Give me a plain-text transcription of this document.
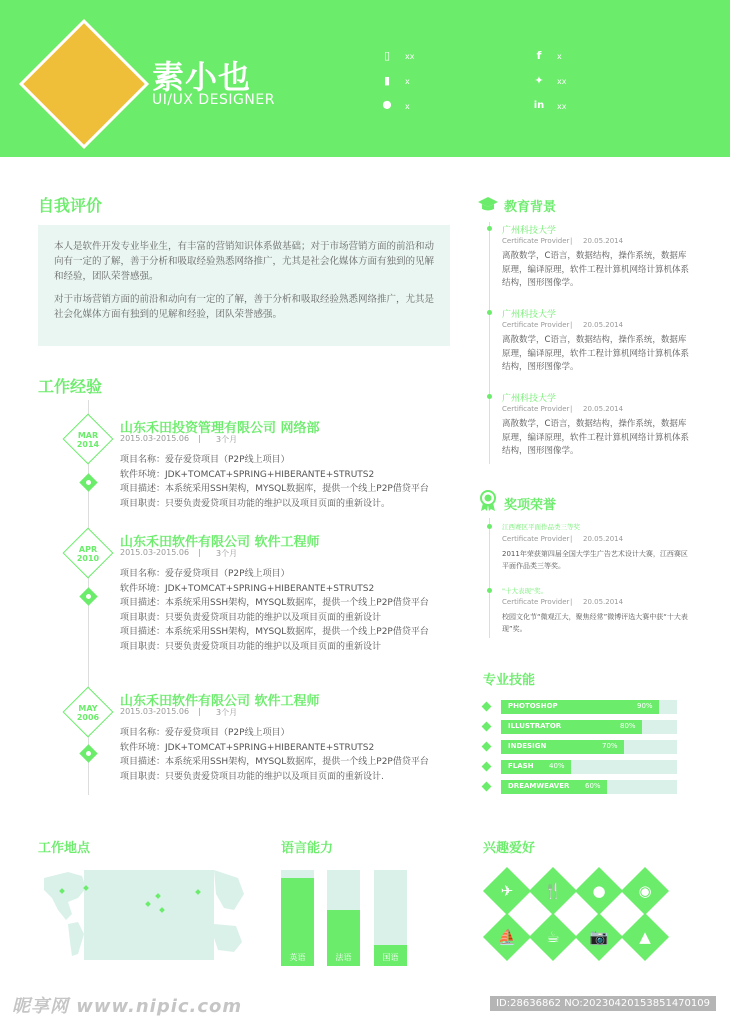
素小也
UI/UX DESIGNER
▯	xx
▮	x
⬤ x
f	x
✦ xx
in xx
自我评价

本人是软件开发专业毕业生，有丰富的营销知识体系做基础；对于市场营销方面的前沿和动向有一定的了解，善于分析和吸取经验熟悉网络推广，尤其是社会化媒体方面有独到的见解和经验，团队荣誉感强。

对于市场营销方面的前沿和动向有一定的了解，善于分析和吸取经验熟悉网络推广，尤其是社会化媒体方面有独到的见解和经验，团队荣誉感强。

工作经验
MAR
2014
山东禾田投资管理有限公司 网络部
2015.03-2015.06 | 3个月
项目名称：爱存爱贷项目（P2P线上项目）
软件环境：JDK+TOMCAT+SPRING+HIBERANTE+STRUTS2
项目描述：本系统采用SSH架构，MYSQL数据库，提供一个线上P2P借贷平台
项目职责：只要负责爱贷项目功能的维护以及项目页面的重新设计。
APR
2010
山东禾田软件有限公司 软件工程师
2015.03-2015.06 | 3个月
项目名称：爱存爱贷项目（P2P线上项目）
软件环境：JDK+TOMCAT+SPRING+HIBERANTE+STRUTS2
项目描述：本系统采用SSH架构，MYSQL数据库，提供一个线上P2P借贷平台
项目职责：只要负责爱贷项目功能的维护以及项目页面的重新设计
项目描述：本系统采用SSH架构，MYSQL数据库，提供一个线上P2P借贷平台
项目职责：只要负责爱贷项目功能的维护以及项目页面的重新设计
MAY
2006
山东禾田软件有限公司 软件工程师
2015.03-2015.06 | 3个月
项目名称：爱存爱贷项目（P2P线上项目）
软件环境：JDK+TOMCAT+SPRING+HIBERANTE+STRUTS2
项目描述：本系统采用SSH架构，MYSQL数据库，提供一个线上P2P借贷平台
项目职责：只要负责爱贷项目功能的维护以及项目页面的重新设计.
教育背景
广州科技大学
Certificate Provider | 20.05.2014
离散数学，C语言，数据结构，操作系统，数据库原理，编译原理，软件工程计算机网络计算机体系结构，图形图像学。
广州科技大学
Certificate Provider | 20.05.2014
离散数学，C语言，数据结构，操作系统，数据库原理，编译原理，软件工程计算机网络计算机体系结构，图形图像学。
广州科技大学
Certificate Provider | 20.05.2014
离散数学，C语言，数据结构，操作系统，数据库原理，编译原理，软件工程计算机网络计算机体系结构，图形图像学。
奖项荣誉
江西赛区平面作品类三等奖
Certificate Provider | 20.05.2014
2011年荣获第四届全国大学生广告艺术设计大赛，江西赛区平面作品类三等奖。
"十大表现"奖。
Certificate Provider | 20.05.2014
校园文化节“微观江大，聚焦经常”微博评选大赛中获“十大表现”奖。
专业技能
PHOTOSHOP	90%
ILLUSTRATOR	80%
INDESIGN	70%
FLASH 40%
DREAMWEAVER 60%
工作地点	语言能力
英语	法语	国语
兴趣爱好
✈	🍴	●	◉
⛵	☕	📷	▲
昵享网 www.nipic.com	ID:28636862 NO:20230420153851470109
